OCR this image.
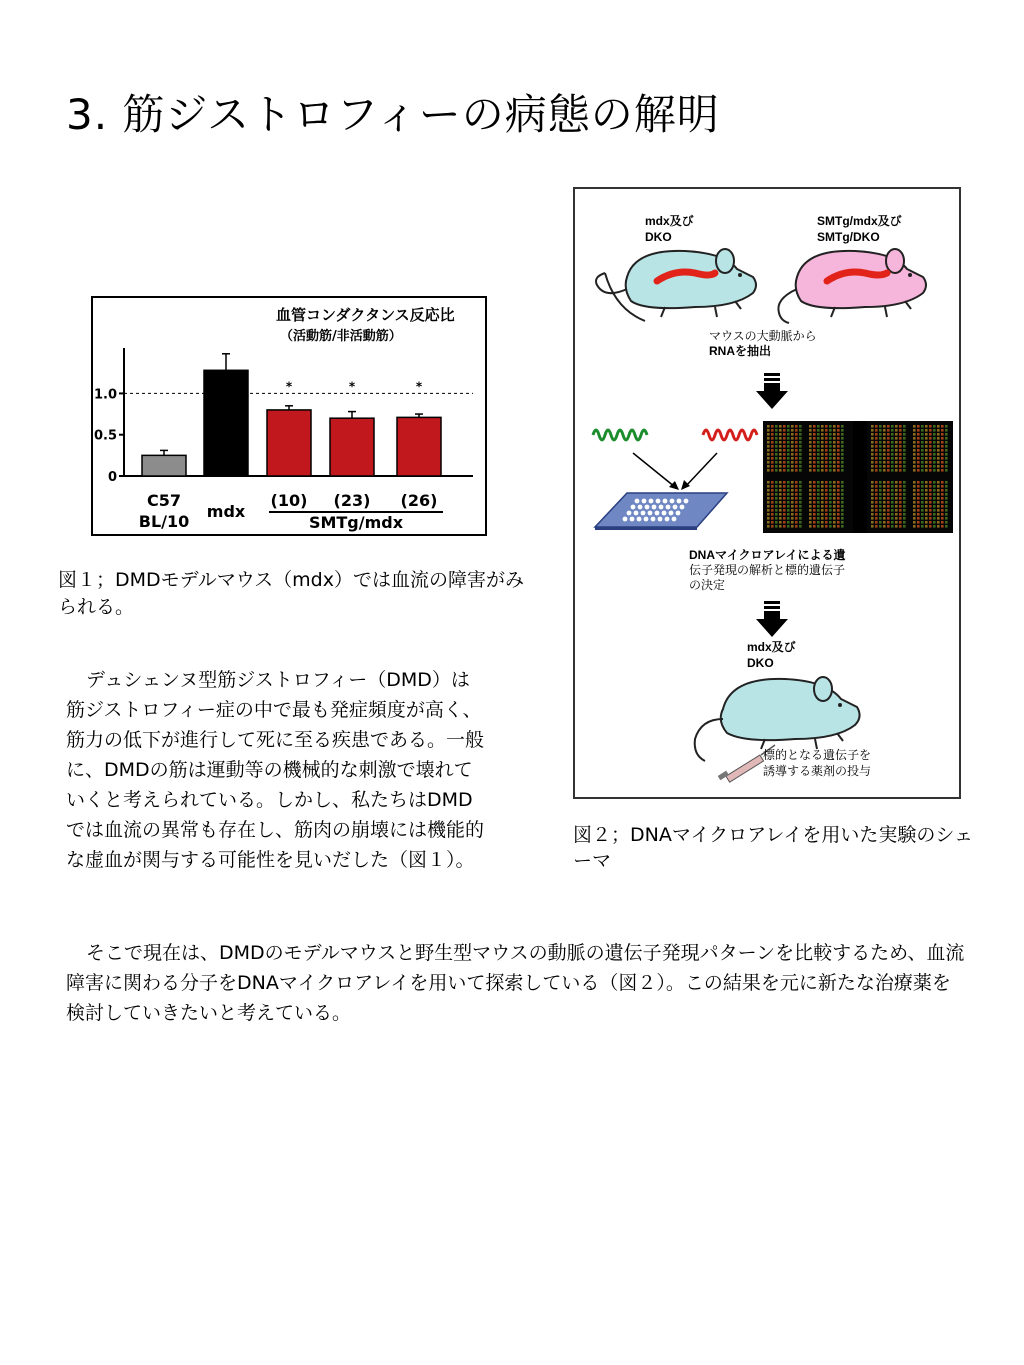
3. 筋ジストロフィーの病態の解明
血管コンダクタンス反応比
（活動筋/非活動筋）
0
0.5
1.0
C57
BL/10
mdx
*
(10)
*
(23)
*
(26)
SMTg/mdx
図１；DMDモデルマウス（mdx）では血流の障害がみられる。

デュシェンヌ型筋ジストロフィー（DMD）は筋ジストロフィー症の中で最も発症頻度が高く、筋力の低下が進行して死に至る疾患である。一般に、DMDの筋は運動等の機械的な刺激で壊れていくと考えられている。しかし、私たちはDMDでは血流の異常も存在し、筋肉の崩壊には機能的な虚血が関与する可能性を見いだした（図１）。

mdx及び
DKO
SMTg/mdx及び
SMTg/DKO
マウスの大動脈から
RNAを抽出
DNAマイクロアレイによる遺
伝子発現の解析と標的遺伝子
の決定
mdx及び
DKO
標的となる遺伝子を
誘導する薬剤の投与
図２；DNAマイクロアレイを用いた実験のシェーマ

そこで現在は、DMDのモデルマウスと野生型マウスの動脈の遺伝子発現パターンを比較するため、血流障害に関わる分子をDNAマイクロアレイを用いて探索している（図２）。この結果を元に新たな治療薬を検討していきたいと考えている。
